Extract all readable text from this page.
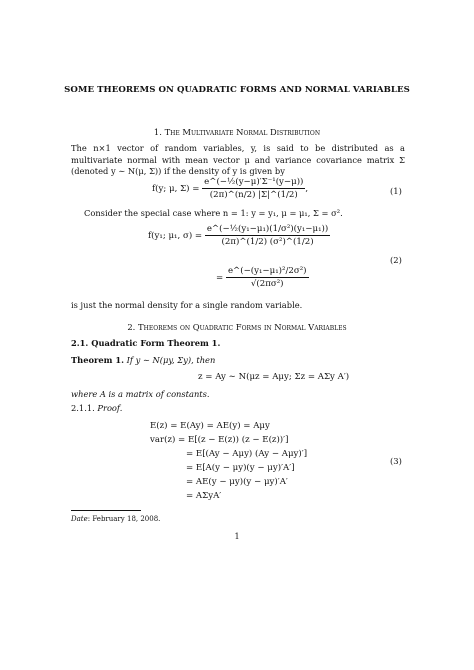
SOME THEOREMS ON QUADRATIC FORMS AND NORMAL VARIABLES
1. The Multivariate Normal Distribution
The n×1 vector of random variables, y, is said to be distributed as a multivariate normal with mean vector μ and variance covariance matrix Σ (denoted y ∼ N(μ, Σ)) if the density of y is given by
f(y; μ, $\Sigma) = \frac{\text{e\textasciicircum{}(−½(y−μ)′Σ⁻¹(y−μ))}}{(2\pi)\^{}(n/2) |\Sigma|\^{}(1/2)}$ ,	(1)
Consider the special case where n = 1: y = y₁, μ = μ₁, Σ = σ².
f(y₁; μ₁, $\sigma) = \frac{\text{e\textasciicircum{}(−½(y₁−μ₁)(1/σ²)(y₁−μ₁))}}{\text{(2π)\textasciicircum{}(1/2) (σ²)\textasciicircum{}(1/2)}}$
(2)
= $\frac{\text{e\textasciicircum{}(−(y₁−μ₁)²/2σ²)}}{\text{√(2πσ²)}}$
is just the normal density for a single random variable.
2. Theorems on Quadratic Forms in Normal Variables
2.1. Quadratic Form Theorem 1.
Theorem 1. If y ∼ N(μy, Σy), then
z = Ay ∼ N(μz = Aμy; Σz = AΣy A′)
where A is a matrix of constants.
2.1.1. Proof.
E(z) = E(Ay) = AE(y) = Aμy
var(z) = E[(z − E(z)) (z − E(z))′]
= E[(Ay − Aμy) (Ay − Aμy)′]
= E[A(y − μy)(y − μy)′A′]
= AE(y − μy)(y − μy)′A′
= AΣyA′
(3)
Date: February 18, 2008.
1
